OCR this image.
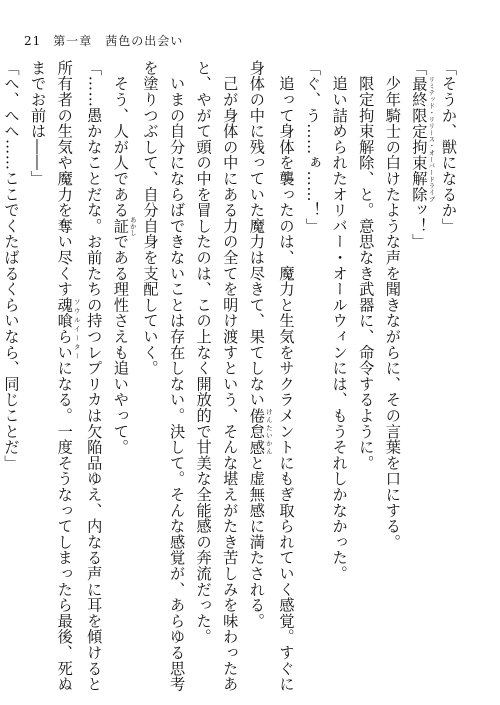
21 第一章　茜色の出会い
「そうか、獣になるか」
「最終限定拘束解除 リミテッド・リリース・オーバードライブッ！」
　少年騎士の白けたような声を聞きながらに、その言葉を口にする。
　限定拘束解除、と。意思なき武器に、命令するように。
　追い詰められたオリバー・オールウィンには、もうそれしかなかった。
「ぐ、う……ぁ……！」
　追って身体を襲ったのは、魔力と生気をサクラメントにもぎ取られていく感覚。すぐに
身体の中に残っていた魔力は尽きて、果てしない倦怠感 けんたいかんと虚無感に満たされる。
　己が身体の中にある力の全てを明け渡すという、そんな堪えがたき苦しみを味わったあ
と、やがて頭の中を冒したのは、この上なく開放的で甘美な全能感の奔流だった。
　いまの自分にならばできないことは存在しない。決して。そんな感覚が、あらゆる思考
を塗りつぶして、自分自身を支配していく。
　そう、人が人である証 あかしである理性さえも追いやって。
「……愚かなことだな。お前たちの持つレプリカは欠陥品ゆえ、内なる声に耳を傾けると
所有者の生気や魔力を奪い尽くす魂喰らい ソウルイーターになる。一度そうなってしまったら最後、死ぬ
までお前は――」
「へ、へへ……ここでくたばるくらいなら、同じことだ」
